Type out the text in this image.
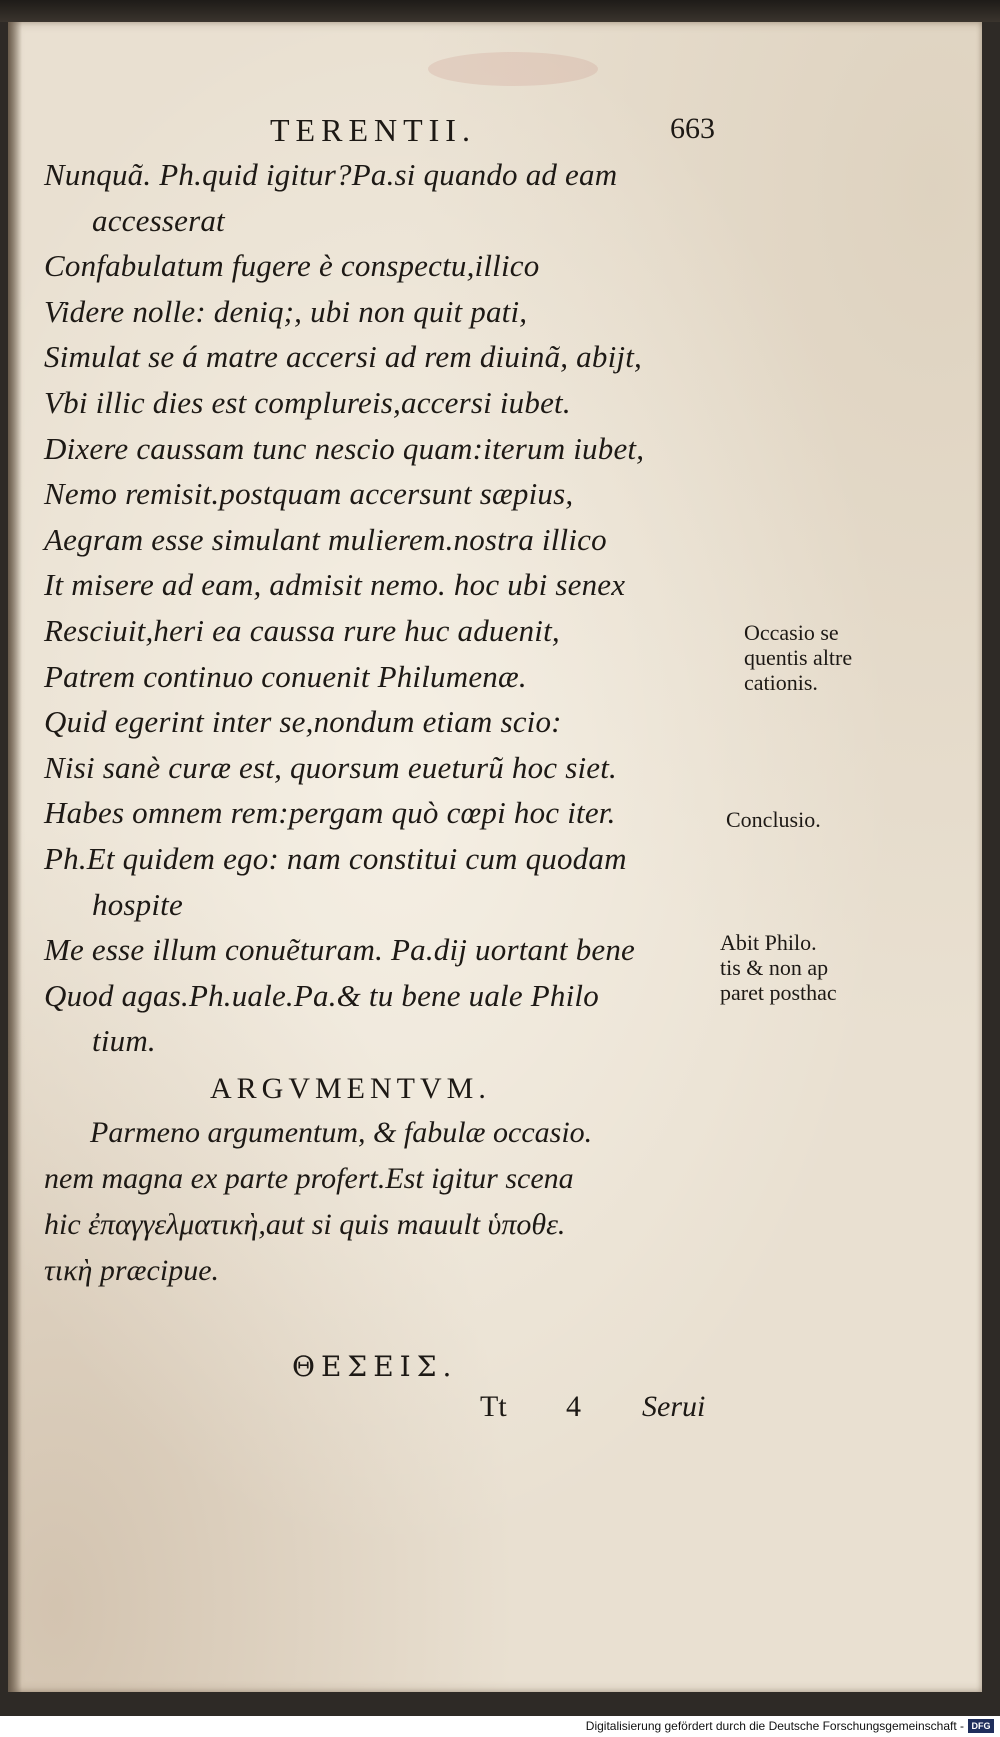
TERENTII.	663
Nunquã. Ph.quid igitur?Pa.si quando ad eam
accesserat
Confabulatum fugere è conspectu,illico
Videre nolle: deniq;, ubi non quit pati,
Simulat se á matre accersi ad rem diuinã, abijt,
Vbi illic dies est complureis,accersi iubet.
Dixere caussam tunc nescio quam:iterum iubet,
Nemo remisit.postquam accersunt sæpius,
Aegram esse simulant mulierem.nostra illico
It misere ad eam, admisit nemo. hoc ubi senex
Resciuit,heri ea caussa rure huc aduenit,
Patrem continuo conuenit Philumenæ.
Quid egerint inter se,nondum etiam scio:
Nisi sanè curæ est, quorsum eueturũ hoc siet.
Habes omnem rem:pergam quò cœpi hoc iter.
Ph.Et quidem ego: nam constitui cum quodam
hospite
Me esse illum conuẽturam. Pa.dij uortant bene
Quod agas.Ph.uale.Pa.& tu bene uale Philo
tium.
Occasio se
quentis altre
cationis.
Conclusio.
Abit Philo.
tis & non ap
paret posthac
ARGVMENTVM.
Parmeno argumentum, & fabulæ occasio.
nem magna ex parte profert.Est igitur scena
hic ἐπαγγελματικὴ,aut si quis mauult ὑποθε.
τικὴ præcipue.
ΘΕΣΕΙΣ.
Tt 4 Serui
Digitalisierung gefördert durch die Deutsche Forschungsgemeinschaft - DFG
